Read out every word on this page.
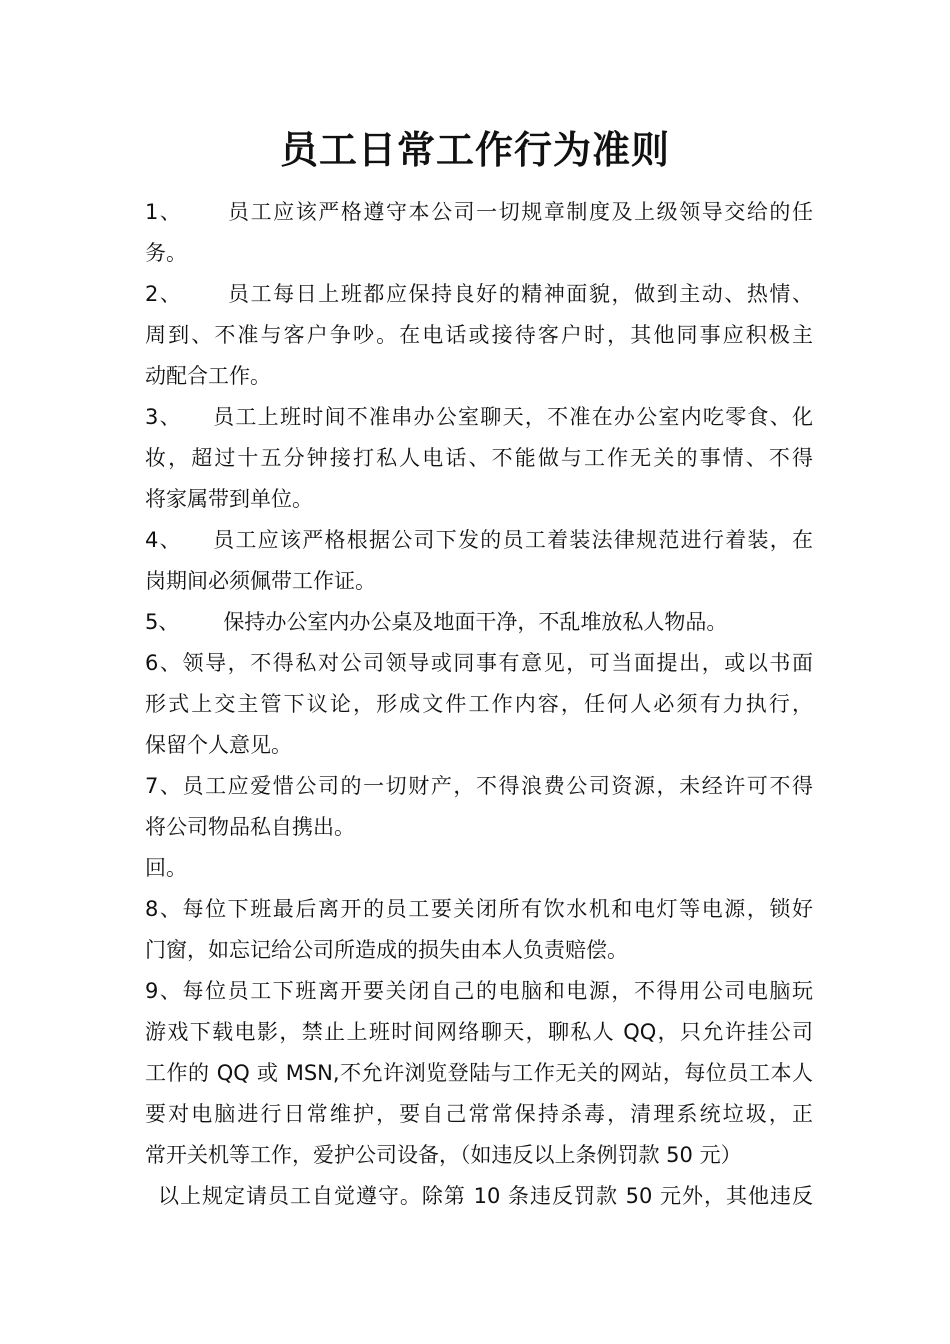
员工日常工作行为准则
1、 员工应该严格遵守本公司一切规章制度及上级领导交给的任
务。
2、 员工每日上班都应保持良好的精神面貌，做到主动、热情、
周到、不准与客户争吵。在电话或接待客户时，其他同事应积极主
动配合工作。
3、 员工上班时间不准串办公室聊天，不准在办公室内吃零食、化
妆，超过十五分钟接打私人电话、不能做与工作无关的事情、不得
将家属带到单位。
4、 员工应该严格根据公司下发的员工着装法律规范进行着装，在
岗期间必须佩带工作证。
5、 保持办公室内办公桌及地面干净，不乱堆放私人物品。
6、领导，不得私对公司领导或同事有意见，可当面提出，或以书面
形式上交主管下议论，形成文件工作内容，任何人必须有力执行，
保留个人意见。
7、员工应爱惜公司的一切财产，不得浪费公司资源，未经许可不得
将公司物品私自携出。
回。
8、每位下班最后离开的员工要关闭所有饮水机和电灯等电源，锁好
门窗，如忘记给公司所造成的损失由本人负责赔偿。
9、每位员工下班离开要关闭自己的电脑和电源，不得用公司电脑玩
游戏下载电影，禁止上班时间网络聊天，聊私人 QQ，只允许挂公司
工作的 QQ 或 MSN,不允许浏览登陆与工作无关的网站，每位员工本人
要对电脑进行日常维护，要自己常常保持杀毒，清理系统垃圾，正
常开关机等工作，爱护公司设备，（如违反以上条例罚款 50 元）
以上规定请员工自觉遵守。除第 10 条违反罚款 50 元外，其他违反
